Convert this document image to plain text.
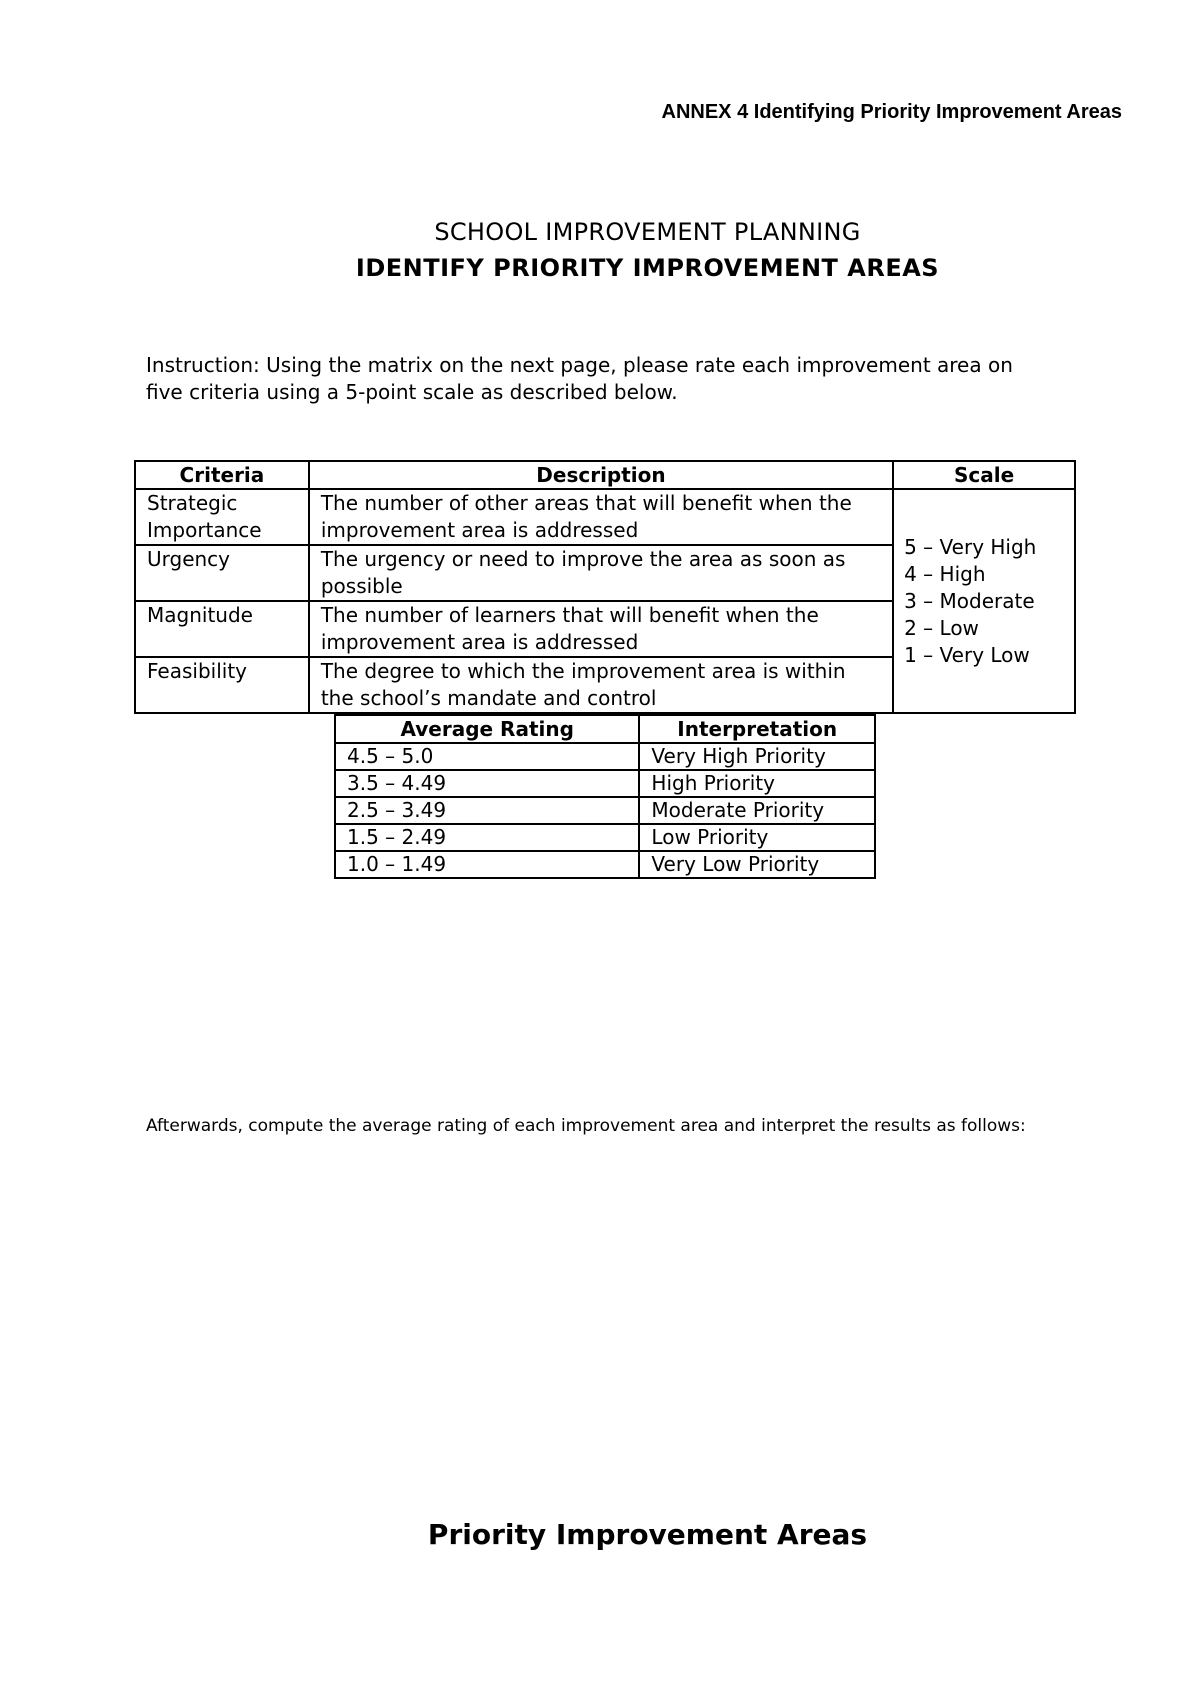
ANNEX 4 Identifying Priority Improvement Areas
SCHOOL IMPROVEMENT PLANNING
IDENTIFY PRIORITY IMPROVEMENT AREAS
Instruction: Using the matrix on the next page, please rate each improvement area on five criteria using a 5-point scale as described below.
Criteria	Description	Scale
Strategic Importance	The number of other areas that will benefit when the improvement area is addressed	5 – Very High
4 – High
3 – Moderate
2 – Low
1 – Very Low

Urgency	The urgency or need to improve the area as soon as possible	
Magnitude	The number of learners that will benefit when the improvement area is addressed	
Feasibility	The degree to which the improvement area is within the school’s mandate and control	
Average Rating	Interpretation
4.5 – 5.0	Very High Priority
3.5 – 4.49	High Priority
2.5 – 3.49	Moderate Priority
1.5 – 2.49	Low Priority
1.0 – 1.49	Very Low Priority
Afterwards, compute the average rating of each improvement area and interpret the results as follows:
Priority Improvement Areas
